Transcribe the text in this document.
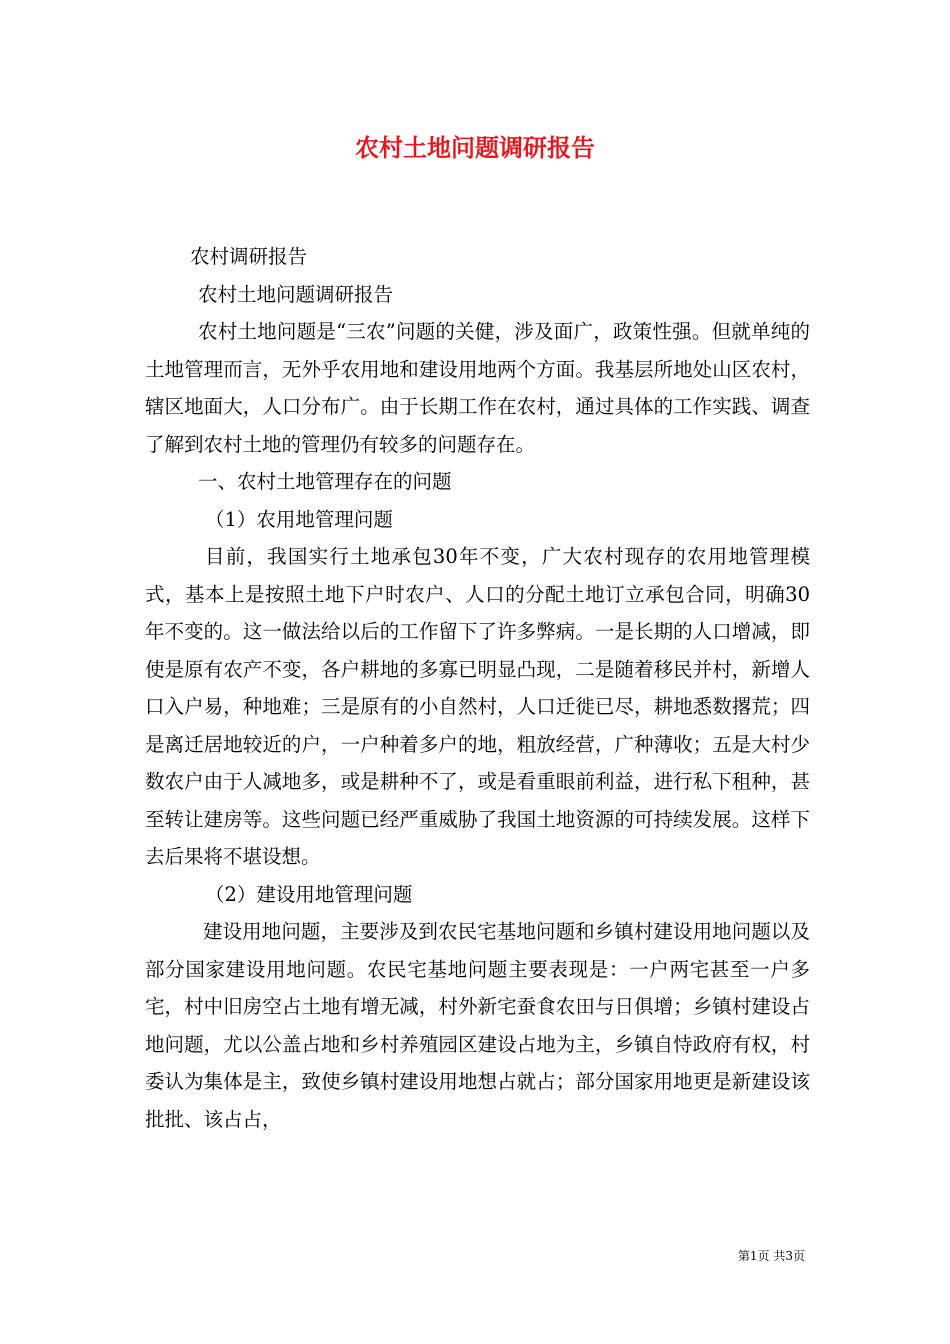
农村土地问题调研报告

农村调研报告

农村土地问题调研报告

农村土地问题是“三农”问题的关健，涉及面广，政策性强。但就单纯的土地管理而言，无外乎农用地和建设用地两个方面。我基层所地处山区农村，辖区地面大，人口分布广。由于长期工作在农村，通过具体的工作实践、调查了解到农村土地的管理仍有较多的问题存在。

一、农村土地管理存在的问题

（1）农用地管理问题

目前，我国实行土地承包30年不变，广大农村现存的农用地管理模式，基本上是按照土地下户时农户、人口的分配土地订立承包合同，明确30年不变的。这一做法给以后的工作留下了许多弊病。一是长期的人口增减，即使是原有农产不变，各户耕地的多寡已明显凸现，二是随着移民并村，新增人口入户易，种地难；三是原有的小自然村，人口迁徙已尽，耕地悉数撂荒；四是离迁居地较近的户，一户种着多户的地，粗放经营，广种薄收；五是大村少数农户由于人减地多，或是耕种不了，或是看重眼前利益，进行私下租种，甚至转让建房等。这些问题已经严重威胁了我国土地资源的可持续发展。这样下去后果将不堪设想。

（2）建设用地管理问题

建设用地问题，主要涉及到农民宅基地问题和乡镇村建设用地问题以及部分国家建设用地问题。农民宅基地问题主要表现是：一户两宅甚至一户多宅，村中旧房空占土地有增无减，村外新宅蚕食农田与日俱增；乡镇村建设占地问题，尤以公盖占地和乡村养殖园区建设占地为主，乡镇自恃政府有权，村委认为集体是主，致使乡镇村建设用地想占就占；部分国家用地更是新建设该批批、该占占，

第1页 共3页
